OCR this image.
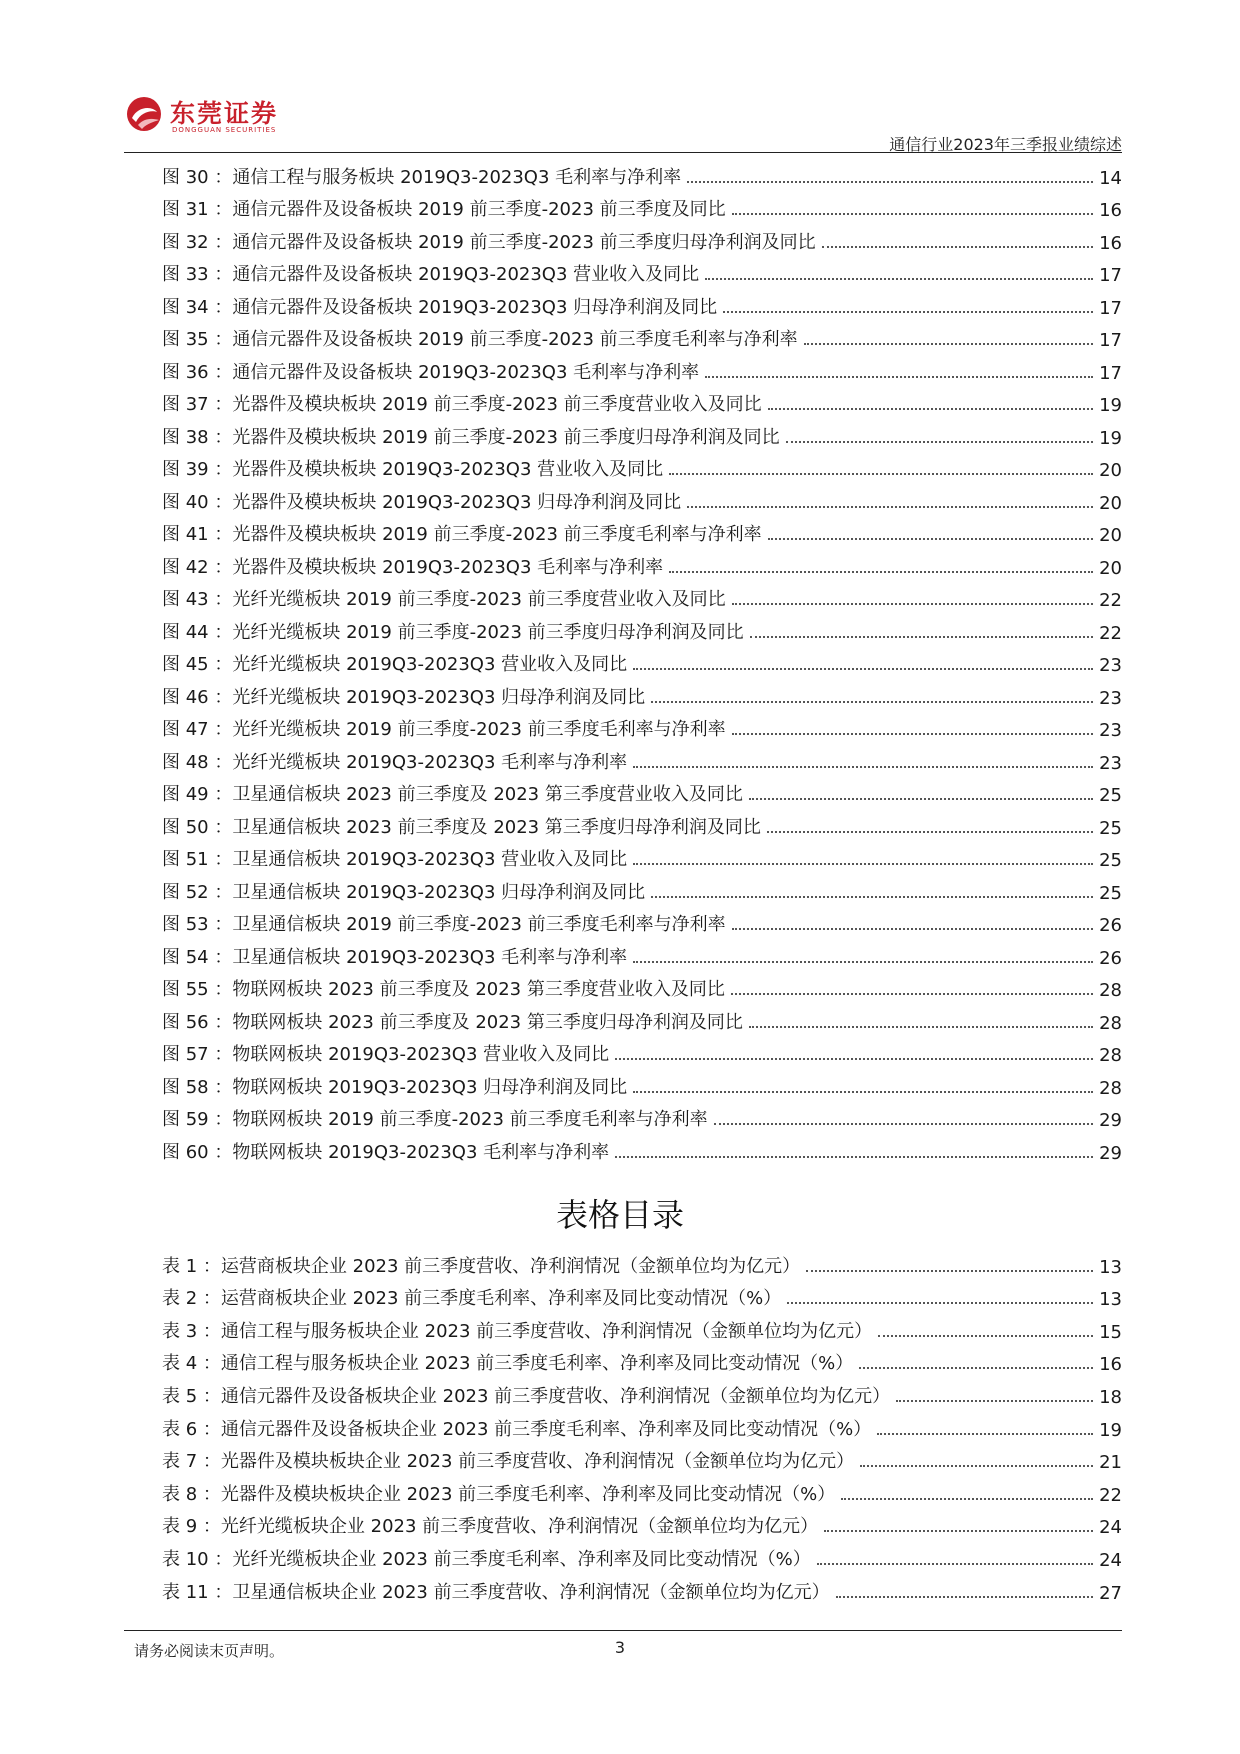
东莞证券
DONGGUAN SECURITIES
通信行业2023年三季报业绩综述
图 30 ：通信工程与服务板块 2019Q3-2023Q3 毛利率与净利率	14
图 31 ：通信元器件及设备板块 2019 前三季度-2023 前三季度及同比	16
图 32 ：通信元器件及设备板块 2019 前三季度-2023 前三季度归母净利润及同比	16
图 33 ：通信元器件及设备板块 2019Q3-2023Q3 营业收入及同比	17
图 34 ：通信元器件及设备板块 2019Q3-2023Q3 归母净利润及同比	17
图 35 ：通信元器件及设备板块 2019 前三季度-2023 前三季度毛利率与净利率	17
图 36 ：通信元器件及设备板块 2019Q3-2023Q3 毛利率与净利率	17
图 37 ：光器件及模块板块 2019 前三季度-2023 前三季度营业收入及同比	19
图 38 ：光器件及模块板块 2019 前三季度-2023 前三季度归母净利润及同比	19
图 39 ：光器件及模块板块 2019Q3-2023Q3 营业收入及同比	20
图 40 ：光器件及模块板块 2019Q3-2023Q3 归母净利润及同比	20
图 41 ：光器件及模块板块 2019 前三季度-2023 前三季度毛利率与净利率	20
图 42 ：光器件及模块板块 2019Q3-2023Q3 毛利率与净利率	20
图 43 ：光纤光缆板块 2019 前三季度-2023 前三季度营业收入及同比	22
图 44 ：光纤光缆板块 2019 前三季度-2023 前三季度归母净利润及同比	22
图 45 ：光纤光缆板块 2019Q3-2023Q3 营业收入及同比	23
图 46 ：光纤光缆板块 2019Q3-2023Q3 归母净利润及同比	23
图 47 ：光纤光缆板块 2019 前三季度-2023 前三季度毛利率与净利率	23
图 48 ：光纤光缆板块 2019Q3-2023Q3 毛利率与净利率	23
图 49 ：卫星通信板块 2023 前三季度及 2023 第三季度营业收入及同比	25
图 50 ：卫星通信板块 2023 前三季度及 2023 第三季度归母净利润及同比	25
图 51 ：卫星通信板块 2019Q3-2023Q3 营业收入及同比	25
图 52 ：卫星通信板块 2019Q3-2023Q3 归母净利润及同比	25
图 53 ：卫星通信板块 2019 前三季度-2023 前三季度毛利率与净利率	26
图 54 ：卫星通信板块 2019Q3-2023Q3 毛利率与净利率	26
图 55 ：物联网板块 2023 前三季度及 2023 第三季度营业收入及同比	28
图 56 ：物联网板块 2023 前三季度及 2023 第三季度归母净利润及同比	28
图 57 ：物联网板块 2019Q3-2023Q3 营业收入及同比	28
图 58 ：物联网板块 2019Q3-2023Q3 归母净利润及同比	28
图 59 ：物联网板块 2019 前三季度-2023 前三季度毛利率与净利率	29
图 60 ：物联网板块 2019Q3-2023Q3 毛利率与净利率	29
表格目录
表 1 ：运营商板块企业 2023 前三季度营收、净利润情况（金额单位均为亿元）	13
表 2 ：运营商板块企业 2023 前三季度毛利率、净利率及同比变动情况（%）	13
表 3 ：通信工程与服务板块企业 2023 前三季度营收、净利润情况（金额单位均为亿元）	15
表 4 ：通信工程与服务板块企业 2023 前三季度毛利率、净利率及同比变动情况（%）	16
表 5 ：通信元器件及设备板块企业 2023 前三季度营收、净利润情况（金额单位均为亿元）	18
表 6 ：通信元器件及设备板块企业 2023 前三季度毛利率、净利率及同比变动情况（%）	19
表 7 ：光器件及模块板块企业 2023 前三季度营收、净利润情况（金额单位均为亿元）	21
表 8 ：光器件及模块板块企业 2023 前三季度毛利率、净利率及同比变动情况（%）	22
表 9 ：光纤光缆板块企业 2023 前三季度营收、净利润情况（金额单位均为亿元）	24
表 10 ：光纤光缆板块企业 2023 前三季度毛利率、净利率及同比变动情况（%）	24
表 11 ：卫星通信板块企业 2023 前三季度营收、净利润情况（金额单位均为亿元）	27
请务必阅读末页声明。	3
